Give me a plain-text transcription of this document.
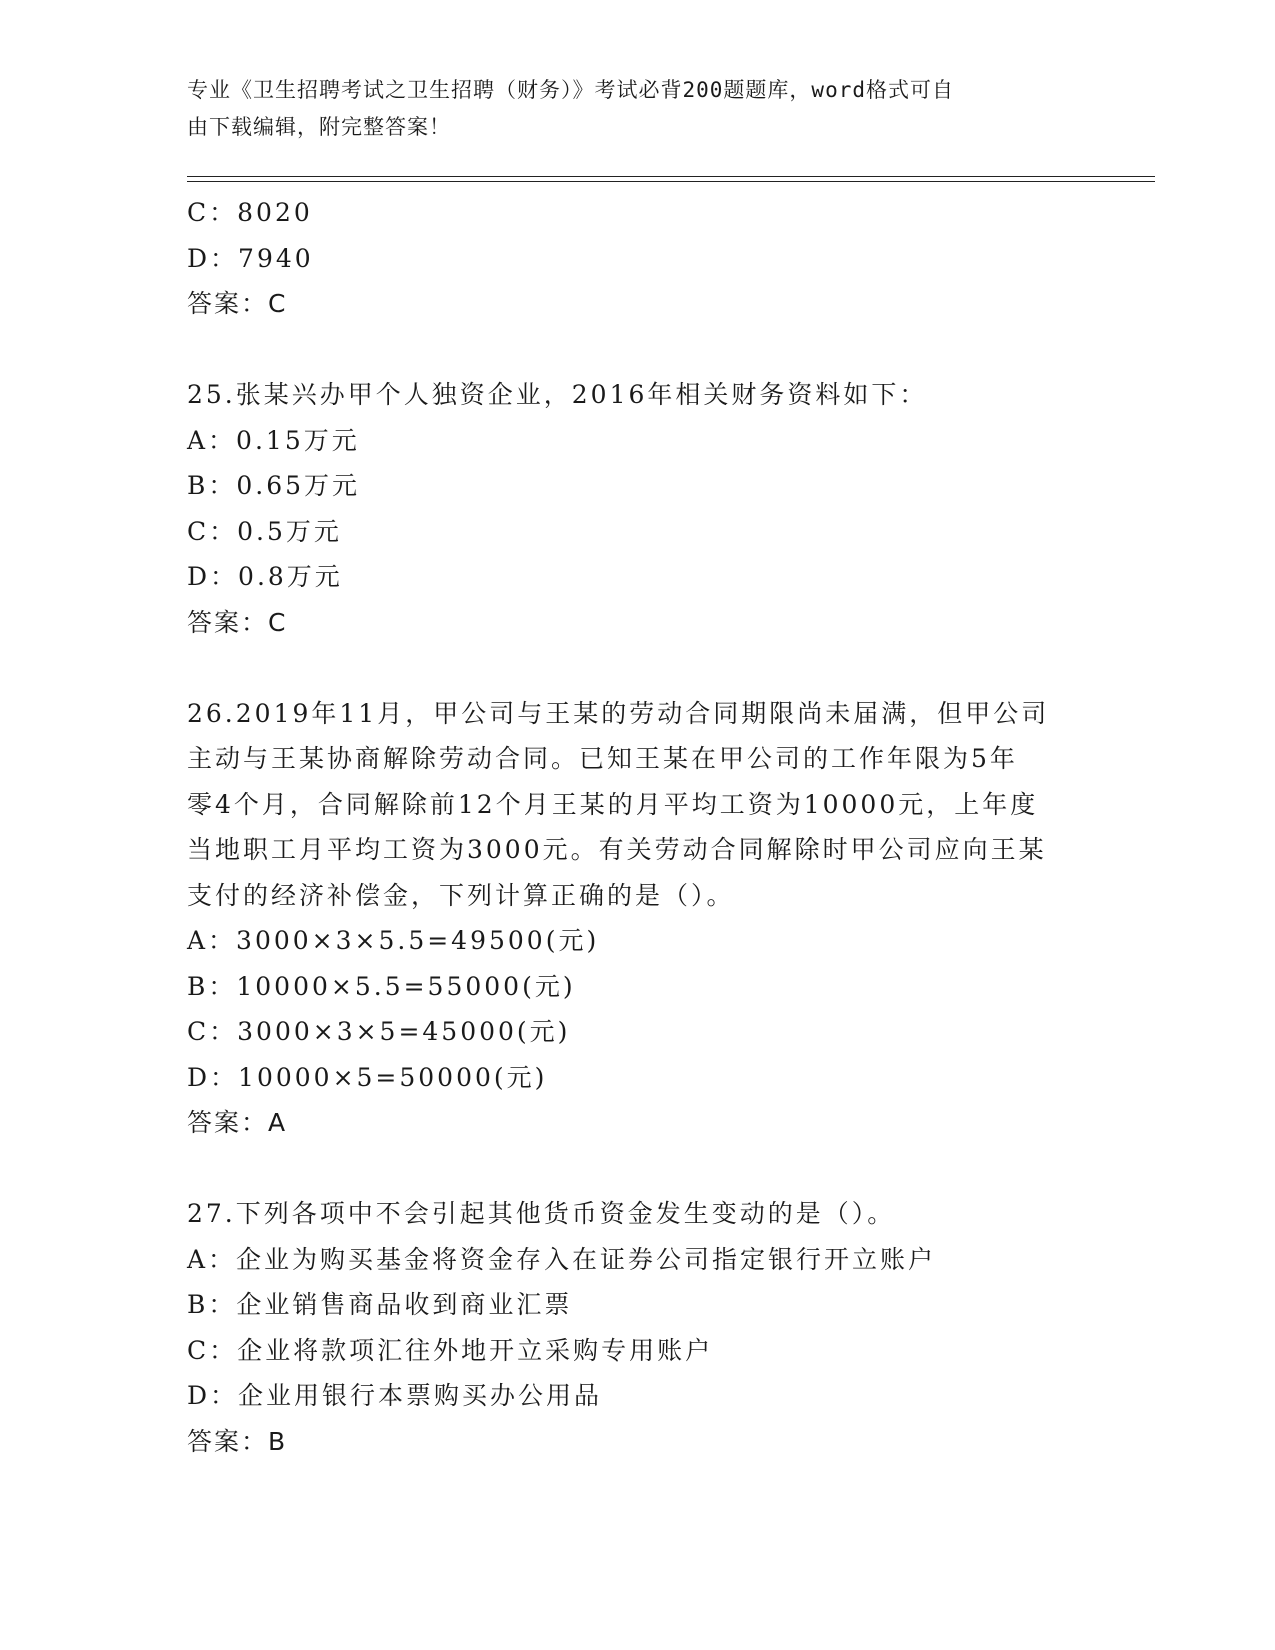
专业《卫生招聘考试之卫生招聘（财务）》考试必背200题题库，word格式可自
由下载编辑，附完整答案！
C：8020
D：7940
答案：C
25.张某兴办甲个人独资企业，2016年相关财务资料如下：
A：0.15万元
B：0.65万元
C：0.5万元
D：0.8万元
答案：C
26.2019年11月，甲公司与王某的劳动合同期限尚未届满，但甲公司
主动与王某协商解除劳动合同。已知王某在甲公司的工作年限为5年
零4个月，合同解除前12个月王某的月平均工资为10000元，上年度
当地职工月平均工资为3000元。有关劳动合同解除时甲公司应向王某
支付的经济补偿金，下列计算正确的是（）。
A：3000×3×5.5=49500(元)
B：10000×5.5=55000(元)
C：3000×3×5=45000(元)
D：10000×5=50000(元)
答案：A
27.下列各项中不会引起其他货币资金发生变动的是（）。
A：企业为购买基金将资金存入在证券公司指定银行开立账户
B：企业销售商品收到商业汇票
C：企业将款项汇往外地开立采购专用账户
D：企业用银行本票购买办公用品
答案：B
